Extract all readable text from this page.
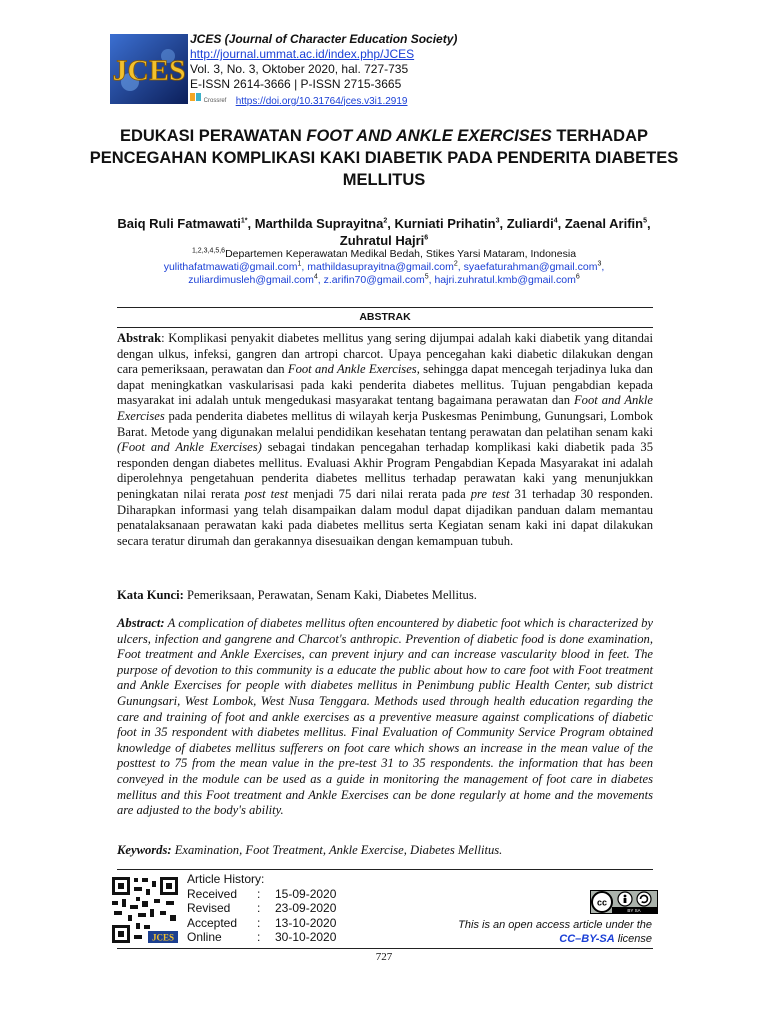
JCES
JCES (Journal of Character Education Society)
http://journal.ummat.ac.id/index.php/JCES
Vol. 3, No. 3, Oktober 2020, hal. 727-735
E-ISSN 2614-3666 | P-ISSN 2715-3665
Crossref https://doi.org/10.31764/jces.v3i1.2919
EDUKASI PERAWATAN FOOT AND ANKLE EXERCISES TERHADAP PENCEGAHAN KOMPLIKASI KAKI DIABETIK PADA PENDERITA DIABETES MELLITUS
Baiq Ruli Fatmawati$^{1*}$, Marthilda Suprayitna$^2$, Kurniati Prihatin$^3$, Zuliardi$^4$, Zaenal Arifin$^5$, Zuhratul Hajri$^6$
$^{1,2,3,4,5,6}$Departemen Keperawatan Medikal Bedah, Stikes Yarsi Mataram, Indonesia
yulithafatmawati@gmail.com$^1$, mathildasuprayitna@gmail.com$^2$, syaefaturahman@gmail.com$^3$,
zuliardimusleh@gmail.com$^4$, z.arifin70@gmail.com$^5$, hajri.zuhratul.kmb@gmail.com$^6$
ABSTRAK
Abstrak: Komplikasi penyakit diabetes mellitus yang sering dijumpai adalah kaki diabetik yang ditandai dengan ulkus, infeksi, gangren dan artropi charcot. Upaya pencegahan kaki diabetic dilakukan dengan cara pemeriksaan, perawatan dan Foot and Ankle Exercises, sehingga dapat mencegah terjadinya luka dan dapat meningkatkan vaskularisasi pada kaki penderita diabetes mellitus. Tujuan pengabdian kepada masyarakat ini adalah untuk mengedukasi masyarakat tentang bagaimana perawatan dan Foot and Ankle Exercises pada penderita diabetes mellitus di wilayah kerja Puskesmas Penimbung, Gunungsari, Lombok Barat. Metode yang digunakan melalui pendidikan kesehatan tentang perawatan dan pelatihan senam kaki (Foot and Ankle Exercises) sebagai tindakan pencegahan terhadap komplikasi kaki diabetik pada 35 responden dengan diabetes mellitus. Evaluasi Akhir Program Pengabdian Kepada Masyarakat ini adalah diperolehnya pengetahuan penderita diabetes mellitus terhadap perawatan kaki yang menunjukkan peningkatan nilai rerata post test menjadi 75 dari nilai rerata pada pre test 31 terhadap 30 responden. Diharapkan informasi yang telah disampaikan dalam modul dapat dijadikan panduan dalam memantau penatalaksanaan perawatan kaki pada diabetes mellitus serta Kegiatan senam kaki ini dapat dilakukan secara teratur dirumah dan gerakannya disesuaikan dengan kemampuan tubuh.
Kata Kunci: Pemeriksaan, Perawatan, Senam Kaki, Diabetes Mellitus.
Abstract: A complication of diabetes mellitus often encountered by diabetic foot which is characterized by ulcers, infection and gangrene and Charcot's anthropic. Prevention of diabetic food is done examination, Foot treatment and Ankle Exercises, can prevent injury and can increase vascularity blood in feet. The purpose of devotion to this community is a educate the public about how to care foot with Foot treatment and Ankle Exercises for people with diabetes mellitus in Penimbung public Health Center, sub district Gunungsari, West Lombok, West Nusa Tenggara. Methods used through health education regarding the care and training of foot and ankle exercises as a preventive measure against complications of diabetic foot in 35 respondent with diabetes mellitus. Final Evaluation of Community Service Program obtained knowledge of diabetes mellitus sufferers on foot care which shows an increase in the mean value of the posttest to 75 from the mean value in the pre-test 31 to 35 respondents. the information that has been conveyed in the module can be used as a guide in monitoring the management of foot care in diabetes mellitus and this Foot treatment and Ankle Exercises can be done regularly at home and the movements are adjusted to the body's ability.
Keywords: Examination, Foot Treatment, Ankle Exercise, Diabetes Mellitus.
JCES
Article History:
Received : 15-09-2020
Revised : 23-09-2020
Accepted : 13-10-2020
Online	: 30-10-2020
cc
BY SA
This is an open access article under the
CC–BY-SA license
727
